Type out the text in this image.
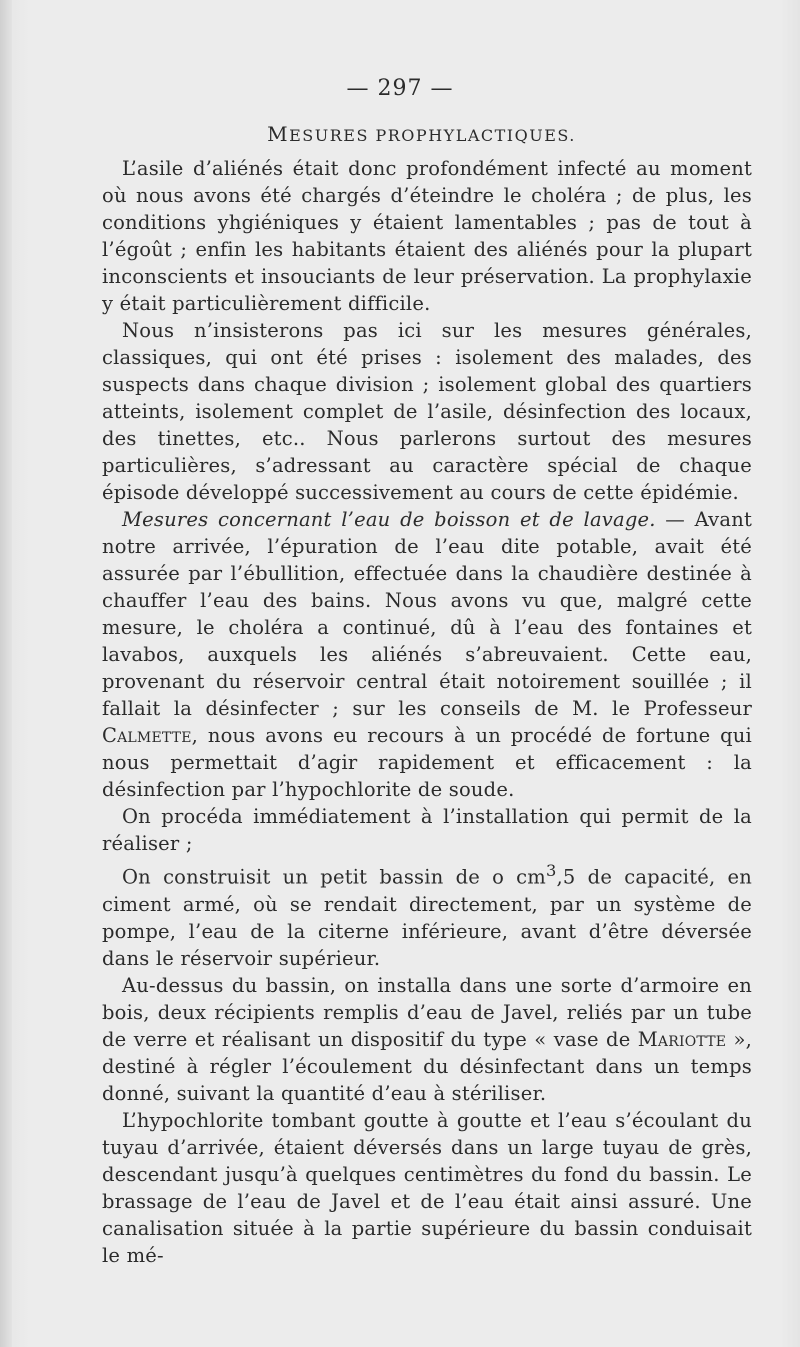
— 297 —
MESURES PROPHYLACTIQUES.

L’asile d’aliénés était donc profondément infecté au moment où nous avons été chargés d’éteindre le choléra ; de plus, les conditions yhgiéniques y étaient lamentables ; pas de tout à l’égoût ; enfin les habitants étaient des aliénés pour la plupart inconscients et insouciants de leur préservation. La prophylaxie y était particulièrement difficile.

Nous n’insisterons pas ici sur les mesures générales, classiques, qui ont été prises : isolement des malades, des suspects dans chaque division ; isolement global des quartiers atteints, isolement complet de l’asile, désinfection des locaux, des tinettes, etc.. Nous parlerons surtout des mesures particulières, s’adressant au caractère spécial de chaque épisode développé successivement au cours de cette épidémie.

Mesures concernant l’eau de boisson et de lavage. — Avant notre arrivée, l’épuration de l’eau dite potable, avait été assurée par l’ébullition, effectuée dans la chaudière destinée à chauffer l’eau des bains. Nous avons vu que, malgré cette mesure, le choléra a continué, dû à l’eau des fontaines et lavabos, auxquels les aliénés s’abreuvaient. Cette eau, provenant du réservoir central était notoirement souillée ; il fallait la désinfecter ; sur les conseils de M. le Professeur Calmette, nous avons eu recours à un procédé de fortune qui nous permettait d’agir rapidement et efficacement : la désinfection par l’hypochlorite de soude.

On procéda immédiatement à l’installation qui permit de la réaliser ;

On construisit un petit bassin de o $cm^3,5$ de capacité, en ciment armé, où se rendait directement, par un système de pompe, l’eau de la citerne inférieure, avant d’être déversée dans le réservoir supérieur.

Au-dessus du bassin, on installa dans une sorte d’armoire en bois, deux récipients remplis d’eau de Javel, reliés par un tube de verre et réalisant un dispositif du type « vase de Mariotte », destiné à régler l’écoulement du désinfectant dans un temps donné, suivant la quantité d’eau à stériliser.

L’hypochlorite tombant goutte à goutte et l’eau s’écoulant du tuyau d’arrivée, étaient déversés dans un large tuyau de grès, descendant jusqu’à quelques centimètres du fond du bassin. Le brassage de l’eau de Javel et de l’eau était ainsi assuré. Une canalisation située à la partie supérieure du bassin conduisait le mé-
